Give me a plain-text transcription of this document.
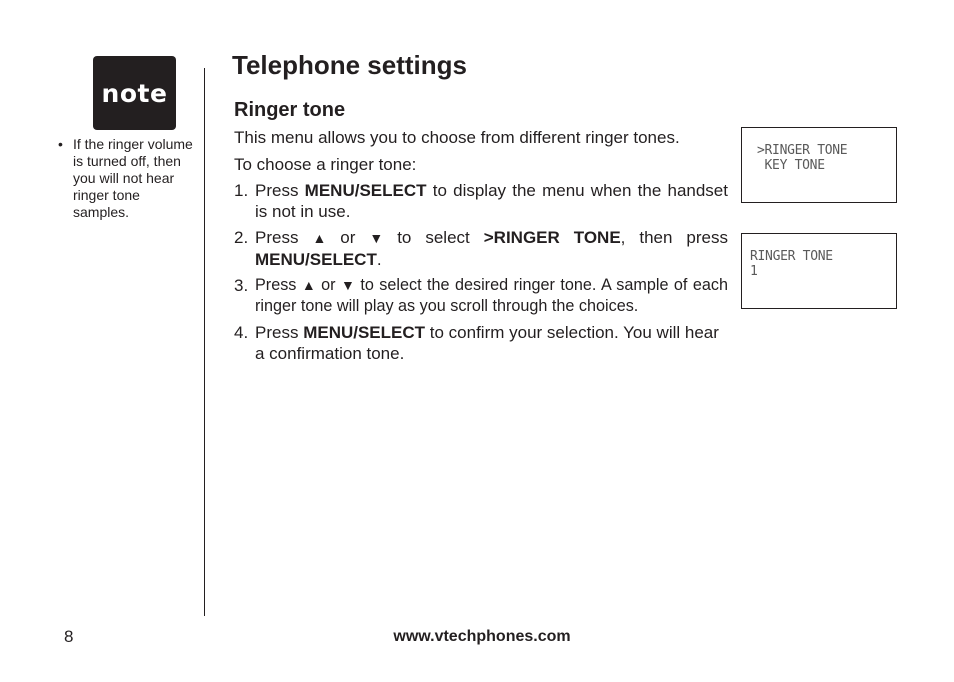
note
• If the ringer volume is turned off, then you will not hear ringer tone samples.
Telephone settings
Ringer tone
This menu allows you to choose from different ringer tones.
To choose a ringer tone:
1. Press MENU/SELECT to display the menu when the handset is not in use.
2. Press ▲ or ▼ to select >RINGER TONE, then press MENU/SELECT.
3. Press ▲ or ▼ to select the desired ringer tone. A sample of each ringer tone will play as you scroll through the choices.
4. Press MENU/SELECT to confirm your selection. You will hear a confirmation tone.
>RINGER TONE
KEY TONE
RINGER TONE
1
8	www.vtechphones.com
